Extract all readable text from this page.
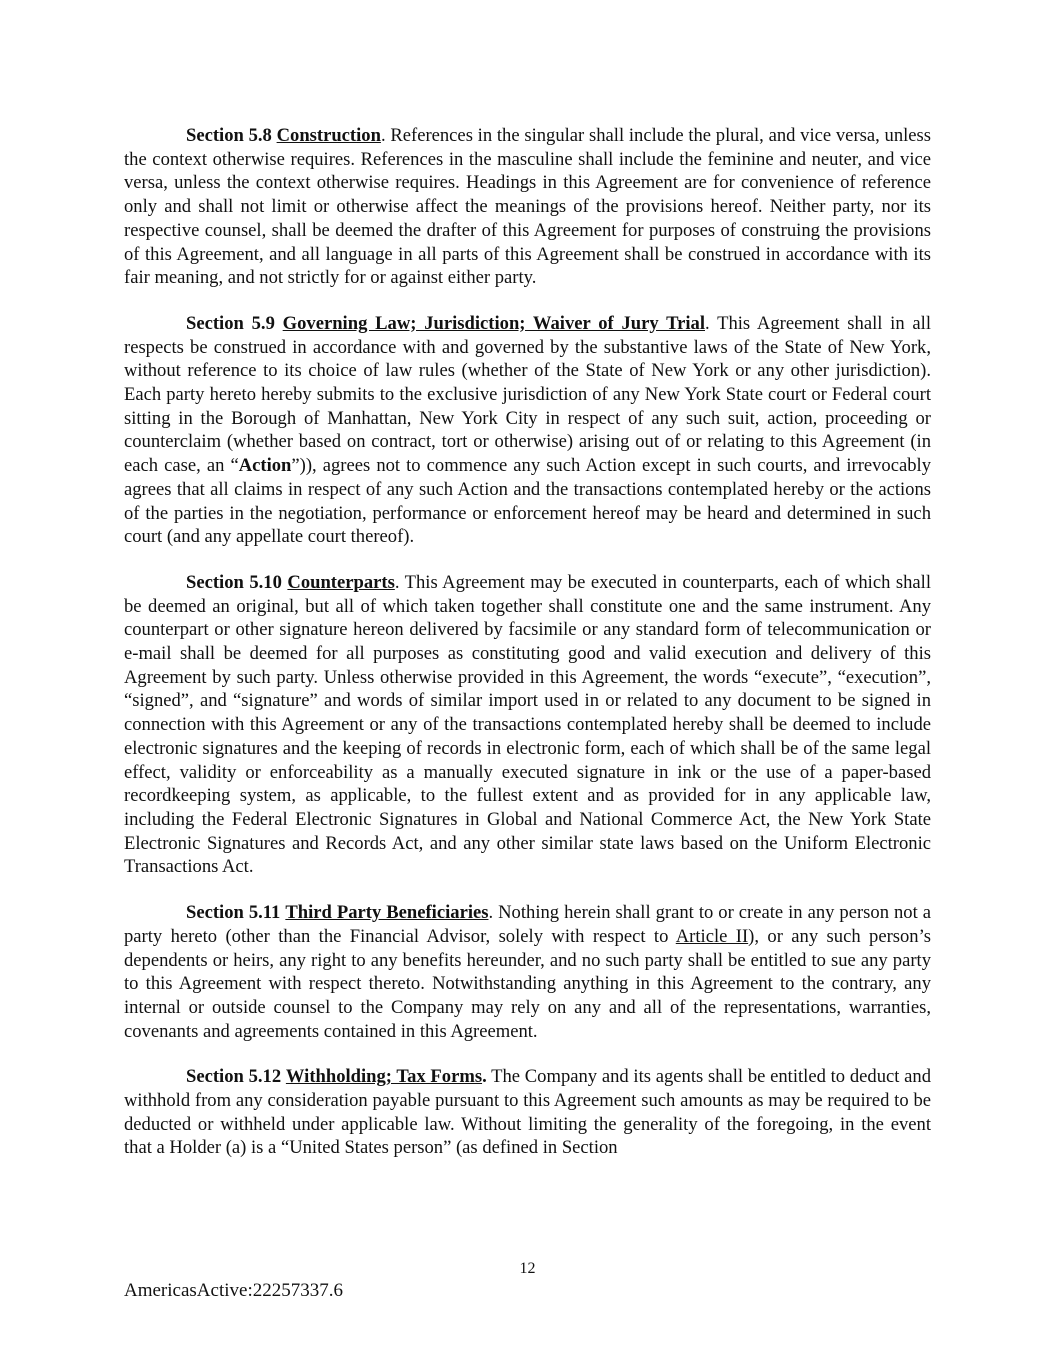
Section 5.8 Construction. References in the singular shall include the plural, and vice versa, unless the context otherwise requires. References in the masculine shall include the feminine and neuter, and vice versa, unless the context otherwise requires. Headings in this Agreement are for convenience of reference only and shall not limit or otherwise affect the meanings of the provisions hereof. Neither party, nor its respective counsel, shall be deemed the drafter of this Agreement for purposes of construing the provisions of this Agreement, and all language in all parts of this Agreement shall be construed in accordance with its fair meaning, and not strictly for or against either party.

Section 5.9 Governing Law; Jurisdiction; Waiver of Jury Trial. This Agreement shall in all respects be construed in accordance with and governed by the substantive laws of the State of New York, without reference to its choice of law rules (whether of the State of New York or any other jurisdiction). Each party hereto hereby submits to the exclusive jurisdiction of any New York State court or Federal court sitting in the Borough of Manhattan, New York City in respect of any such suit, action, proceeding or counterclaim (whether based on contract, tort or otherwise) arising out of or relating to this Agreement (in each case, an “Action”)), agrees not to commence any such Action except in such courts, and irrevocably agrees that all claims in respect of any such Action and the transactions contemplated hereby or the actions of the parties in the negotiation, performance or enforcement hereof may be heard and determined in such court (and any appellate court thereof).

Section 5.10 Counterparts. This Agreement may be executed in counterparts, each of which shall be deemed an original, but all of which taken together shall constitute one and the same instrument. Any counterpart or other signature hereon delivered by facsimile or any standard form of telecommunication or e-mail shall be deemed for all purposes as constituting good and valid execution and delivery of this Agreement by such party. Unless otherwise provided in this Agreement, the words “execute”, “execution”, “signed”, and “signature” and words of similar import used in or related to any document to be signed in connection with this Agreement or any of the transactions contemplated hereby shall be deemed to include electronic signatures and the keeping of records in electronic form, each of which shall be of the same legal effect, validity or enforceability as a manually executed signature in ink or the use of a paper-based recordkeeping system, as applicable, to the fullest extent and as provided for in any applicable law, including the Federal Electronic Signatures in Global and National Commerce Act, the New York State Electronic Signatures and Records Act, and any other similar state laws based on the Uniform Electronic Transactions Act.

Section 5.11 Third Party Beneficiaries. Nothing herein shall grant to or create in any person not a party hereto (other than the Financial Advisor, solely with respect to Article II), or any such person’s dependents or heirs, any right to any benefits hereunder, and no such party shall be entitled to sue any party to this Agreement with respect thereto. Notwithstanding anything in this Agreement to the contrary, any internal or outside counsel to the Company may rely on any and all of the representations, warranties, covenants and agreements contained in this Agreement.

Section 5.12 Withholding; Tax Forms. The Company and its agents shall be entitled to deduct and withhold from any consideration payable pursuant to this Agreement such amounts as may be required to be deducted or withheld under applicable law. Without limiting the generality of the foregoing, in the event that a Holder (a) is a “United States person” (as defined in Section

12
AmericasActive:22257337.6
